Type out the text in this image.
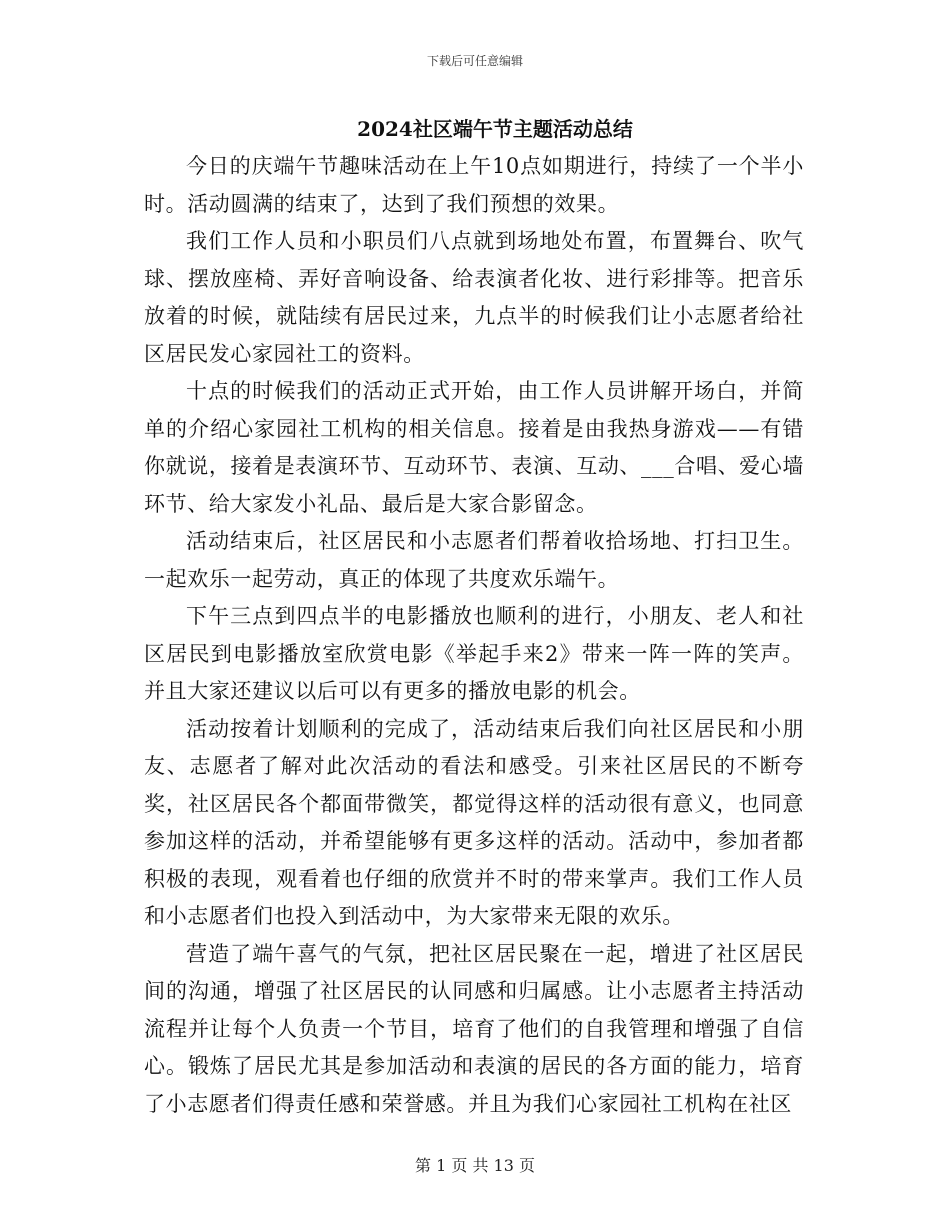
下载后可任意编辑
2024社区端午节主题活动总结

今日的庆端午节趣味活动在上午10点如期进行，持续了一个半小时。活动圆满的结束了，达到了我们预想的效果。

我们工作人员和小职员们八点就到场地处布置，布置舞台、吹气球、摆放座椅、弄好音响设备、给表演者化妆、进行彩排等。把音乐放着的时候，就陆续有居民过来，九点半的时候我们让小志愿者给社区居民发心家园社工的资料。

十点的时候我们的活动正式开始，由工作人员讲解开场白，并简单的介绍心家园社工机构的相关信息。接着是由我热身游戏——有错你就说，接着是表演环节、互动环节、表演、互动、___合唱、爱心墙环节、给大家发小礼品、最后是大家合影留念。

活动结束后，社区居民和小志愿者们帮着收拾场地、打扫卫生。一起欢乐一起劳动，真正的体现了共度欢乐端午。

下午三点到四点半的电影播放也顺利的进行，小朋友、老人和社区居民到电影播放室欣赏电影《举起手来2》带来一阵一阵的笑声。并且大家还建议以后可以有更多的播放电影的机会。

活动按着计划顺利的完成了，活动结束后我们向社区居民和小朋友、志愿者了解对此次活动的看法和感受。引来社区居民的不断夸奖，社区居民各个都面带微笑，都觉得这样的活动很有意义，也同意参加这样的活动，并希望能够有更多这样的活动。活动中，参加者都积极的表现，观看着也仔细的欣赏并不时的带来掌声。我们工作人员和小志愿者们也投入到活动中，为大家带来无限的欢乐。

营造了端午喜气的气氛，把社区居民聚在一起，增进了社区居民间的沟通，增强了社区居民的认同感和归属感。让小志愿者主持活动流程并让每个人负责一个节目，培育了他们的自我管理和增强了自信心。锻炼了居民尤其是参加活动和表演的居民的各方面的能力，培育了小志愿者们得责任感和荣誉感。并且为我们心家园社工机构在社区

第 1 页 共 13 页
